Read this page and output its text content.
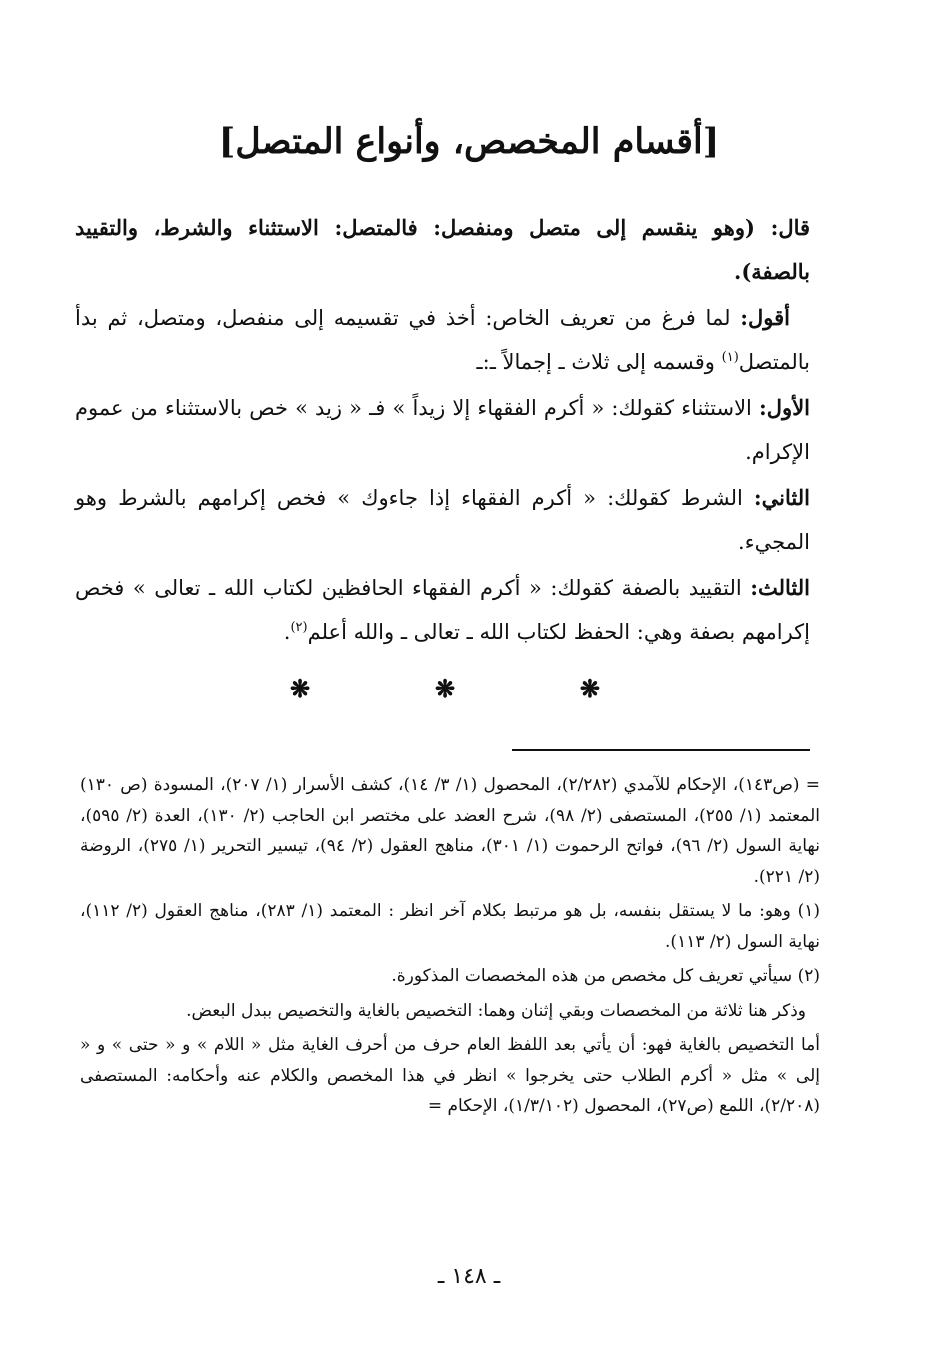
[أقسام المخصص، وأنواع المتصل]

قال: (وهو ينقسم إلى متصل ومنفصل: فالمتصل: الاستثناء والشرط، والتقييد بالصفة).

أقول: لما فرغ من تعريف الخاص: أخذ في تقسيمه إلى منفصل، ومتصل، ثم بدأ بالمتصل$^{(١)}$ وقسمه إلى ثلاث ـ إجمالاً ـ:ـ

الأول: الاستثناء كقولك: « أكرم الفقهاء إلا زيداً » فـ « زيد » خص بالاستثناء من عموم الإكرام.

الثاني: الشرط كقولك: « أكرم الفقهاء إذا جاءوك » فخص إكرامهم بالشرط وهو المجيء.

الثالث: التقييد بالصفة كقولك: « أكرم الفقهاء الحافظين لكتاب الله ـ تعالى » فخص إكرامهم بصفة وهي: الحفظ لكتاب الله ـ تعالى ـ والله أعلم$^{(٢)}$.

❋
❋
❋

= (ص١٤٣)، الإحكام للآمدي (٢/٢٨٢)، المحصول (١/ ٣/ ١٤)، كشف الأسرار (١/ ٢٠٧)، المسودة (ص ١٣٠) المعتمد (١/ ٢٥٥)، المستصفى (٢/ ٩٨)، شرح العضد على مختصر ابن الحاجب (٢/ ١٣٠)، العدة (٢/ ٥٩٥)، نهاية السول (٢/ ٩٦)، فواتح الرحموت (١/ ٣٠١)، مناهج العقول (٢/ ٩٤)، تيسير التحرير (١/ ٢٧٥)، الروضة (٢/ ٢٢١).

(١) وهو: ما لا يستقل بنفسه، بل هو مرتبط بكلام آخر انظر : المعتمد (١/ ٢٨٣)، مناهج العقول (٢/ ١١٢)، نهاية السول (٢/ ١١٣).

(٢) سيأتي تعريف كل مخصص من هذه المخصصات المذكورة.

وذكر هنا ثلاثة من المخصصات وبقي إثنان وهما: التخصيص بالغاية والتخصيص ببدل البعض.

أما التخصيص بالغاية فهو: أن يأتي بعد اللفظ العام حرف من أحرف الغاية مثل « اللام » و « حتى » و « إلى » مثل « أكرم الطلاب حتى يخرجوا » انظر في هذا المخصص والكلام عنه وأحكامه: المستصفى (٢/٢٠٨)، اللمع (ص٢٧)، المحصول (١/٣/١٠٢)، الإحكام =

ـ ١٤٨ ـ
